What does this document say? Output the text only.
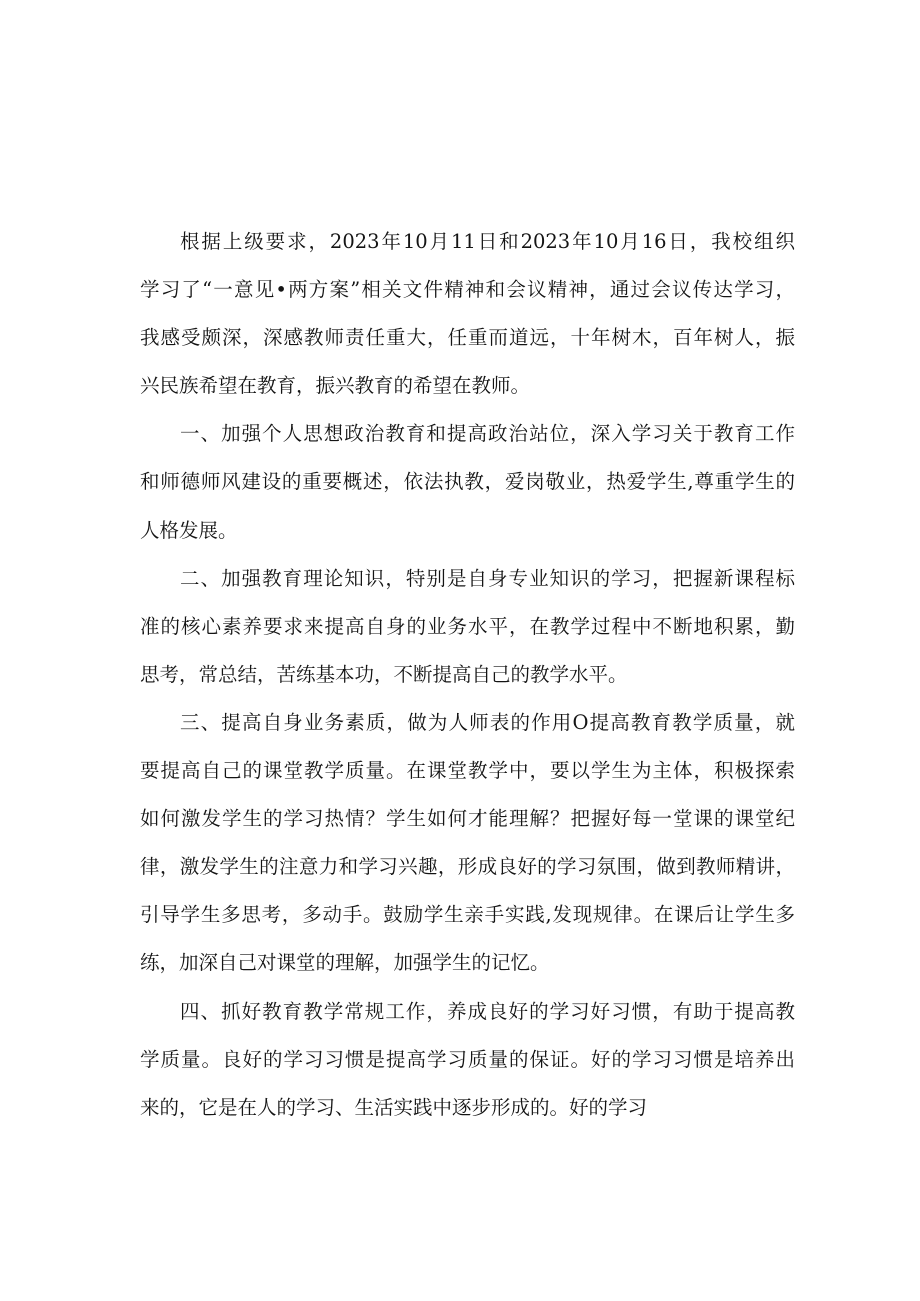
根据上级要求，2023年10月11日和2023年10月16日，我校组织
学习了“一意见•两方案”相关文件精神和会议精神，通过会议传达学习，
我感受颇深，深感教师责任重大，任重而道远，十年树木，百年树人，振
兴民族希望在教育，振兴教育的希望在教师。
一、加强个人思想政治教育和提高政治站位，深入学习关于教育工作
和师德师风建设的重要概述，依法执教，爱岗敬业，热爱学生,尊重学生的
人格发展。
二、加强教育理论知识，特别是自身专业知识的学习，把握新课程标
准的核心素养要求来提高自身的业务水平，在教学过程中不断地积累，勤
思考，常总结，苦练基本功，不断提高自己的教学水平。
三、提高自身业务素质，做为人师表的作用O提高教育教学质量，就
要提高自己的课堂教学质量。在课堂教学中，要以学生为主体，积极探索
如何激发学生的学习热情？学生如何才能理解？把握好每一堂课的课堂纪
律，激发学生的注意力和学习兴趣，形成良好的学习氛围，做到教师精讲，
引导学生多思考，多动手。鼓励学生亲手实践,发现规律。在课后让学生多
练，加深自己对课堂的理解，加强学生的记忆。
四、抓好教育教学常规工作，养成良好的学习好习惯，有助于提高教
学质量。良好的学习习惯是提高学习质量的保证。好的学习习惯是培养出
来的，它是在人的学习、生活实践中逐步形成的。好的学习
